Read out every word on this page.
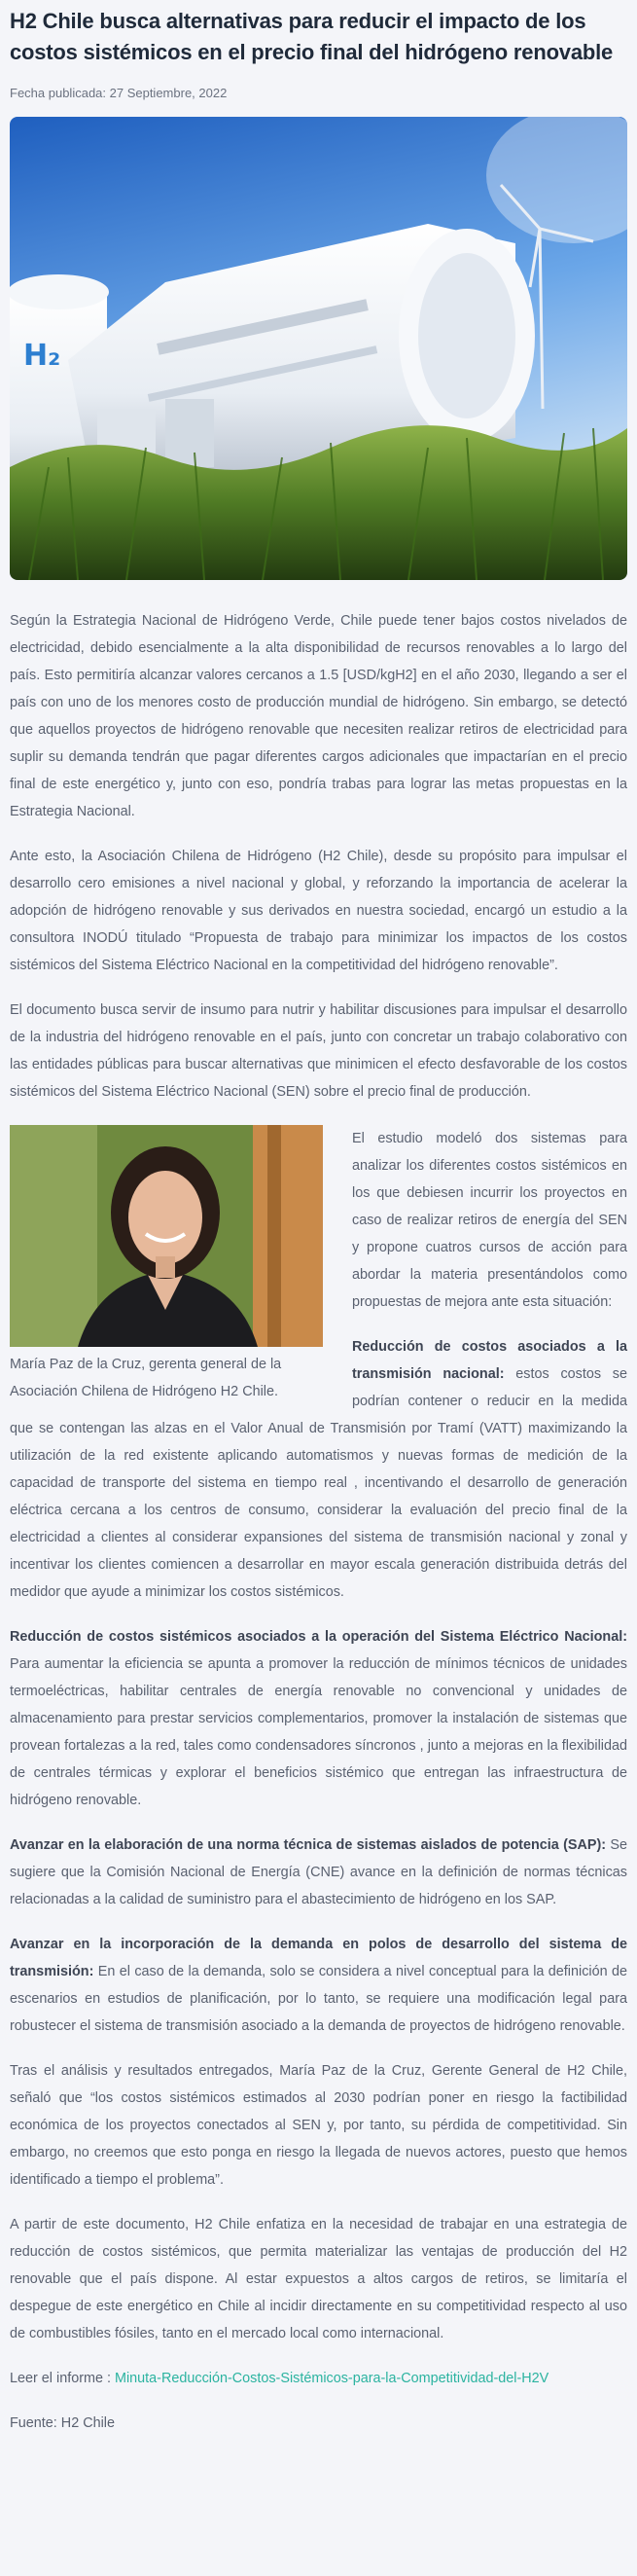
H2 Chile busca alternativas para reducir el impacto de los costos sistémicos en el precio final del hidrógeno renovable
Fecha publicada: 27 Septiembre, 2022
H₂

Según la Estrategia Nacional de Hidrógeno Verde, Chile puede tener bajos costos nivelados de electricidad, debido esencialmente a la alta disponibilidad de recursos renovables a lo largo del país. Esto permitiría alcanzar valores cercanos a 1.5 [USD/kgH2] en el año 2030, llegando a ser el país con uno de los menores costo de producción mundial de hidrógeno. Sin embargo, se detectó que aquellos proyectos de hidrógeno renovable que necesiten realizar retiros de electricidad para suplir su demanda tendrán que pagar diferentes cargos adicionales que impactarían en el precio final de este energético y, junto con eso, pondría trabas para lograr las metas propuestas en la Estrategia Nacional.

Ante esto, la Asociación Chilena de Hidrógeno (H2 Chile), desde su propósito para impulsar el desarrollo cero emisiones a nivel nacional y global, y reforzando la importancia de acelerar la adopción de hidrógeno renovable y sus derivados en nuestra sociedad, encargó un estudio a la consultora INODÚ titulado “Propuesta de trabajo para minimizar los impactos de los costos sistémicos del Sistema Eléctrico Nacional en la competitividad del hidrógeno renovable”.

El documento busca servir de insumo para nutrir y habilitar discusiones para impulsar el desarrollo de la industria del hidrógeno renovable en el país, junto con concretar un trabajo colaborativo con las entidades públicas para buscar alternativas que minimicen el efecto desfavorable de los costos sistémicos del Sistema Eléctrico Nacional (SEN) sobre el precio final de producción.

María Paz de la Cruz, gerenta general de la Asociación Chilena de Hidrógeno H2 Chile.

El estudio modeló dos sistemas para analizar los diferentes costos sistémicos en los que debiesen incurrir los proyectos en caso de realizar retiros de energía del SEN y propone cuatros cursos de acción para abordar la materia presentándolos como propuestas de mejora ante esta situación:

Reducción de costos asociados a la transmisión nacional: estos costos se podrían contener o reducir en la medida que se contengan las alzas en el Valor Anual de Transmisión por Tramí (VATT) maximizando la utilización de la red existente aplicando automatismos y nuevas formas de medición de la capacidad de transporte del sistema en tiempo real , incentivando el desarrollo de generación eléctrica cercana a los centros de consumo, considerar la evaluación del precio final de la electricidad a clientes al considerar expansiones del sistema de transmisión nacional y zonal y incentivar los clientes comiencen a desarrollar en mayor escala generación distribuida detrás del medidor que ayude a minimizar los costos sistémicos.

Reducción de costos sistémicos asociados a la operación del Sistema Eléctrico Nacional: Para aumentar la eficiencia se apunta a promover la reducción de mínimos técnicos de unidades termoeléctricas, habilitar centrales de energía renovable no convencional y unidades de almacenamiento para prestar servicios complementarios, promover la instalación de sistemas que provean fortalezas a la red, tales como condensadores síncronos , junto a mejoras en la flexibilidad de centrales térmicas y explorar el beneficios sistémico que entregan las infraestructura de hidrógeno renovable.

Avanzar en la elaboración de una norma técnica de sistemas aislados de potencia (SAP): Se sugiere que la Comisión Nacional de Energía (CNE) avance en la definición de normas técnicas relacionadas a la calidad de suministro para el abastecimiento de hidrógeno en los SAP.

Avanzar en la incorporación de la demanda en polos de desarrollo del sistema de transmisión: En el caso de la demanda, solo se considera a nivel conceptual para la definición de escenarios en estudios de planificación, por lo tanto, se requiere una modificación legal para robustecer el sistema de transmisión asociado a la demanda de proyectos de hidrógeno renovable.

Tras el análisis y resultados entregados, María Paz de la Cruz, Gerente General de H2 Chile, señaló que “los costos sistémicos estimados al 2030 podrían poner en riesgo la factibilidad económica de los proyectos conectados al SEN y, por tanto, su pérdida de competitividad. Sin embargo, no creemos que esto ponga en riesgo la llegada de nuevos actores, puesto que hemos identificado a tiempo el problema”.

A partir de este documento, H2 Chile enfatiza en la necesidad de trabajar en una estrategia de reducción de costos sistémicos, que permita materializar las ventajas de producción del H2 renovable que el país dispone. Al estar expuestos a altos cargos de retiros, se limitaría el despegue de este energético en Chile al incidir directamente en su competitividad respecto al uso de combustibles fósiles, tanto en el mercado local como internacional.

Leer el informe : Minuta-Reducción-Costos-Sistémicos-para-la-Competitividad-del-H2V

Fuente: H2 Chile
